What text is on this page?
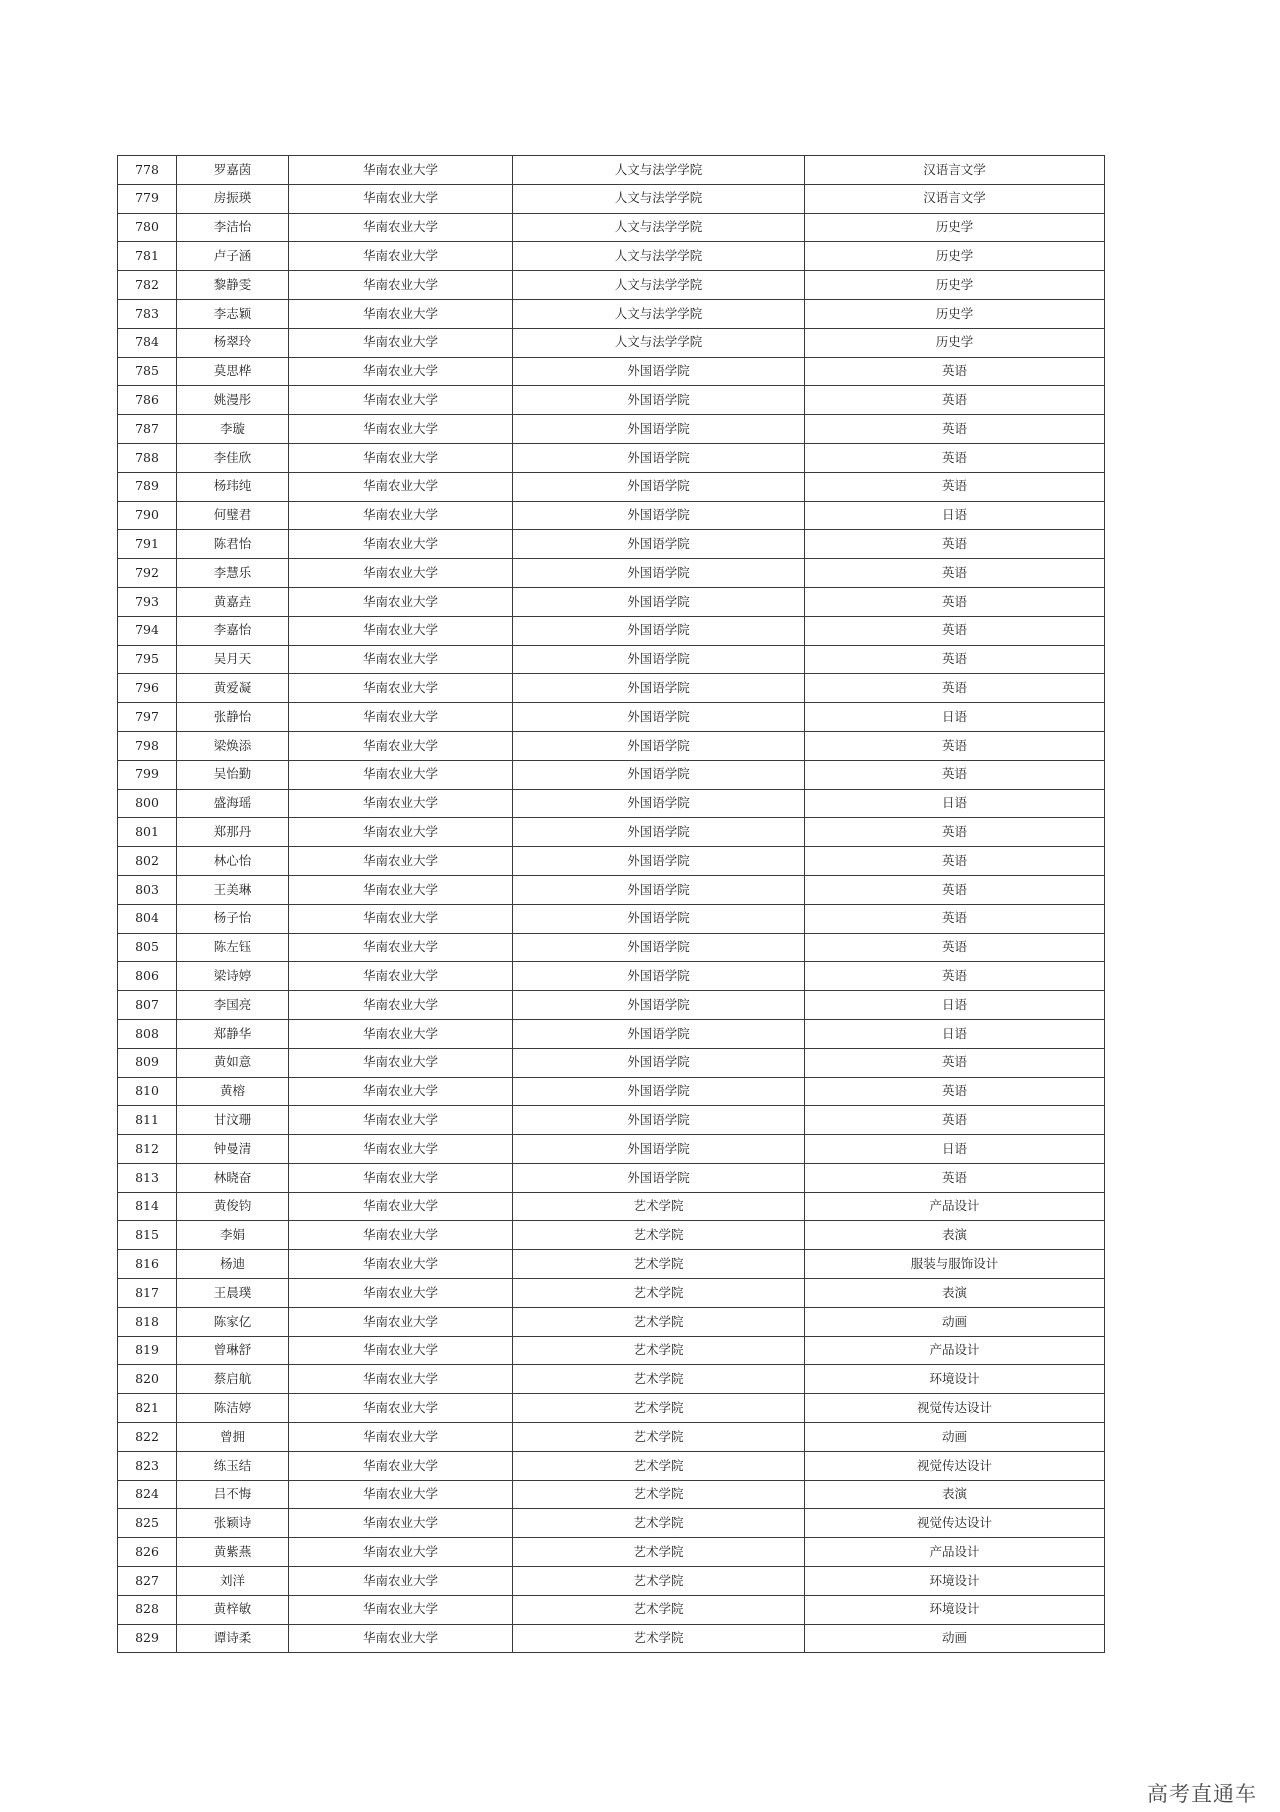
778	罗嘉茵	华南农业大学	人文与法学学院	汉语言文学
779	房振瑛	华南农业大学	人文与法学学院	汉语言文学
780	李洁怡	华南农业大学	人文与法学学院	历史学
781	卢子涵	华南农业大学	人文与法学学院	历史学
782	黎静雯	华南农业大学	人文与法学学院	历史学
783	李志颖	华南农业大学	人文与法学学院	历史学
784	杨翠玲	华南农业大学	人文与法学学院	历史学
785	莫思桦	华南农业大学	外国语学院	英语
786	姚漫彤	华南农业大学	外国语学院	英语
787	李璇	华南农业大学	外国语学院	英语
788	李佳欣	华南农业大学	外国语学院	英语
789	杨玮纯	华南农业大学	外国语学院	英语
790	何璧君	华南农业大学	外国语学院	日语
791	陈君怡	华南农业大学	外国语学院	英语
792	李慧乐	华南农业大学	外国语学院	英语
793	黄嘉垚	华南农业大学	外国语学院	英语
794	李嘉怡	华南农业大学	外国语学院	英语
795	吴月天	华南农业大学	外国语学院	英语
796	黄爱凝	华南农业大学	外国语学院	英语
797	张静怡	华南农业大学	外国语学院	日语
798	梁焕添	华南农业大学	外国语学院	英语
799	吴怡勤	华南农业大学	外国语学院	英语
800	盛海瑶	华南农业大学	外国语学院	日语
801	郑那丹	华南农业大学	外国语学院	英语
802	林心怡	华南农业大学	外国语学院	英语
803	王美琳	华南农业大学	外国语学院	英语
804	杨子怡	华南农业大学	外国语学院	英语
805	陈左钰	华南农业大学	外国语学院	英语
806	梁诗婷	华南农业大学	外国语学院	英语
807	李国亮	华南农业大学	外国语学院	日语
808	郑静华	华南农业大学	外国语学院	日语
809	黄如意	华南农业大学	外国语学院	英语
810	黄榕	华南农业大学	外国语学院	英语
811	甘汶珊	华南农业大学	外国语学院	英语
812	钟曼清	华南农业大学	外国语学院	日语
813	林晓奋	华南农业大学	外国语学院	英语
814	黄俊钧	华南农业大学	艺术学院	产品设计
815	李娟	华南农业大学	艺术学院	表演
816	杨迪	华南农业大学	艺术学院	服装与服饰设计
817	王晨璞	华南农业大学	艺术学院	表演
818	陈家亿	华南农业大学	艺术学院	动画
819	曾琳舒	华南农业大学	艺术学院	产品设计
820	蔡启航	华南农业大学	艺术学院	环境设计
821	陈洁婷	华南农业大学	艺术学院	视觉传达设计
822	曾拥	华南农业大学	艺术学院	动画
823	练玉结	华南农业大学	艺术学院	视觉传达设计
824	吕不悔	华南农业大学	艺术学院	表演
825	张颖诗	华南农业大学	艺术学院	视觉传达设计
826	黄紫燕	华南农业大学	艺术学院	产品设计
827	刘洋	华南农业大学	艺术学院	环境设计
828	黄梓敏	华南农业大学	艺术学院	环境设计
829	谭诗柔	华南农业大学	艺术学院	动画
高考直通车
